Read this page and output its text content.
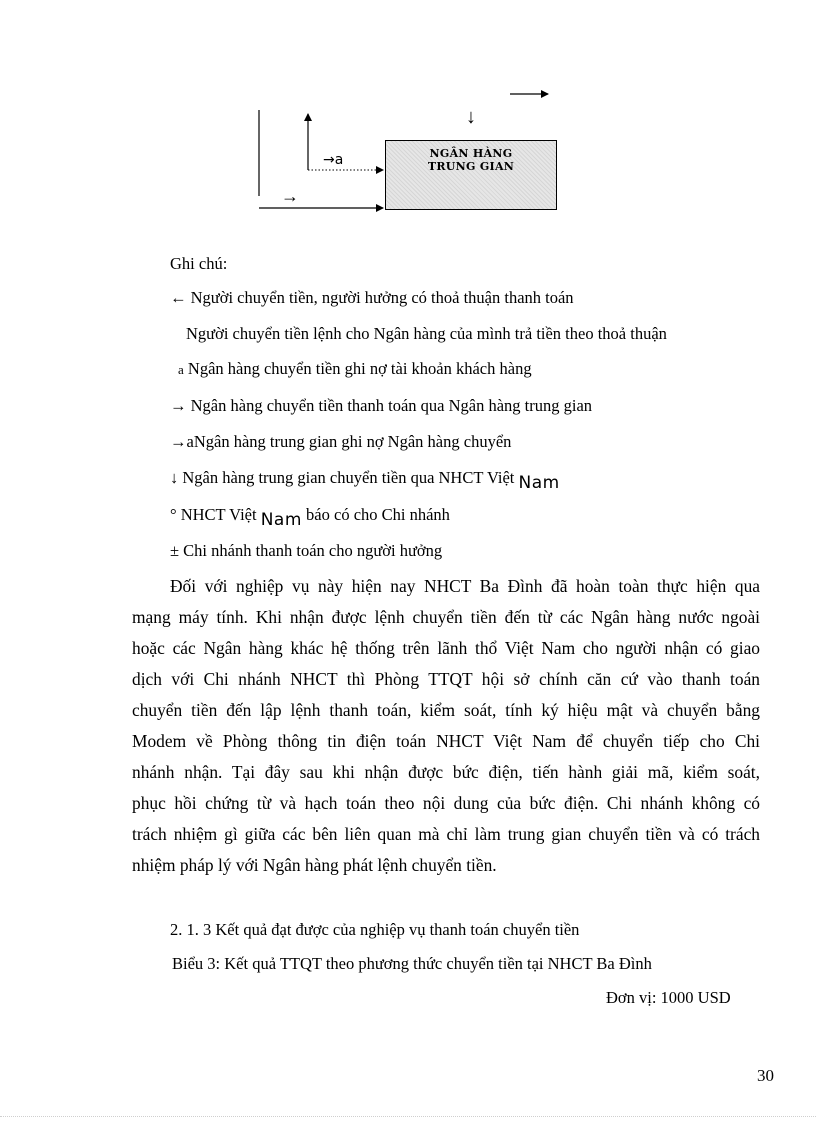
↓
→a
→
NGÂN HÀNG
TRUNG GIAN
Ghi chú:
← Người chuyển tiền, người hưởng có thoả thuận thanh toán
Người chuyển tiền lệnh cho Ngân hàng của mình trả tiền theo thoả thuận
a Ngân hàng chuyển tiền ghi nợ tài khoản khách hàng
→ Ngân hàng chuyển tiền thanh toán qua Ngân hàng trung gian
→aNgân hàng trung gian ghi nợ Ngân hàng chuyển
↓ Ngân hàng trung gian chuyển tiền qua NHCT Việt Nam
° NHCT Việt Nam báo có cho Chi nhánh
± Chi nhánh thanh toán cho người hưởng
Đối với nghiệp vụ này hiện nay NHCT Ba Đình đã hoàn toàn thực hiện qua
mạng máy tính. Khi nhận được lệnh chuyển tiền đến từ các Ngân hàng nước ngoài
hoặc các Ngân hàng khác hệ thống trên lãnh thổ Việt Nam cho người nhận có giao
dịch với Chi nhánh NHCT thì Phòng TTQT hội sở chính căn cứ vào thanh toán
chuyển tiền đến lập lệnh thanh toán, kiểm soát, tính ký hiệu mật và chuyển bằng
Modem về Phòng thông tin điện toán NHCT Việt Nam để chuyển tiếp cho Chi
nhánh nhận. Tại đây sau khi nhận được bức điện, tiến hành giải mã, kiểm soát,
phục hồi chứng từ và hạch toán theo nội dung của bức điện. Chi nhánh không có
trách nhiệm gì giữa các bên liên quan mà chỉ làm trung gian chuyển tiền và có trách
nhiệm pháp lý với Ngân hàng phát lệnh chuyển tiền.
2. 1. 3 Kết quả đạt được của nghiệp vụ thanh toán chuyển tiền
Biểu 3: Kết quả TTQT theo phương thức chuyển tiền tại NHCT Ba Đình
Đơn vị: 1000 USD
30
